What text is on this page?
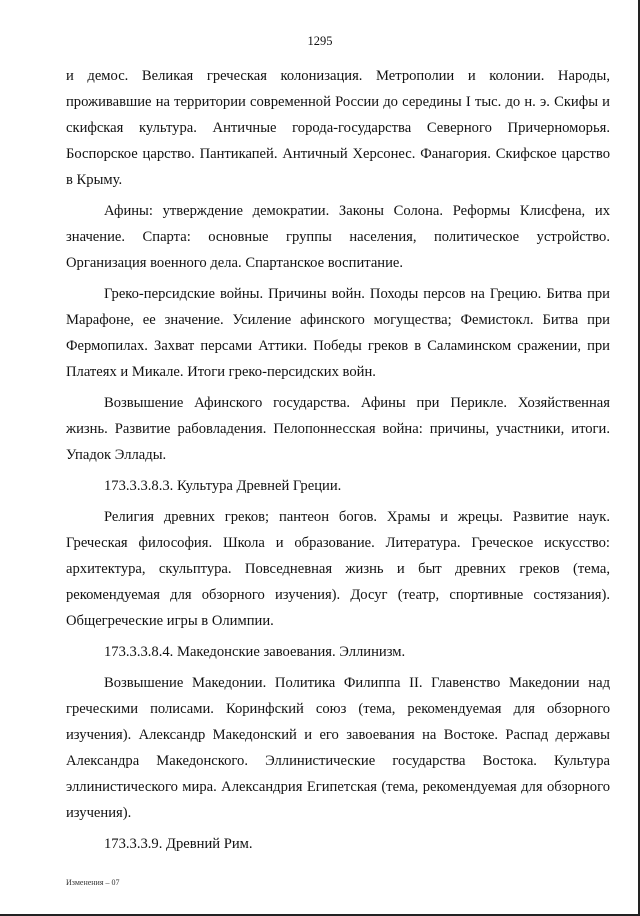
1295

и демос. Великая греческая колонизация. Метрополии и колонии. Народы, проживавшие на территории современной России до середины I тыс. до н. э. Скифы и скифская культура. Античные города-государства Северного Причерноморья. Боспорское царство. Пантикапей. Античный Херсонес. Фанагория. Скифское царство в Крыму.

Афины: утверждение демократии. Законы Солона. Реформы Клисфена, их значение. Спарта: основные группы населения, политическое устройство. Организация военного дела. Спартанское воспитание.

Греко-персидские войны. Причины войн. Походы персов на Грецию. Битва при Марафоне, ее значение. Усиление афинского могущества; Фемистокл. Битва при Фермопилах. Захват персами Аттики. Победы греков в Саламинском сражении, при Платеях и Микале. Итоги греко-персидских войн.

Возвышение Афинского государства. Афины при Перикле. Хозяйственная жизнь. Развитие рабовладения. Пелопоннесская война: причины, участники, итоги. Упадок Эллады.

173.3.3.8.3. Культура Древней Греции.

Религия древних греков; пантеон богов. Храмы и жрецы. Развитие наук. Греческая философия. Школа и образование. Литература. Греческое искусство: архитектура, скульптура. Повседневная жизнь и быт древних греков (тема, рекомендуемая для обзорного изучения). Досуг (театр, спортивные состязания). Общегреческие игры в Олимпии.

173.3.3.8.4. Македонские завоевания. Эллинизм.

Возвышение Македонии. Политика Филиппа II. Главенство Македонии над греческими полисами. Коринфский союз (тема, рекомендуемая для обзорного изучения). Александр Македонский и его завоевания на Востоке. Распад державы Александра Македонского. Эллинистические государства Востока. Культура эллинистического мира. Александрия Египетская (тема, рекомендуемая для обзорного изучения).

173.3.3.9. Древний Рим.

Изменения – 07
